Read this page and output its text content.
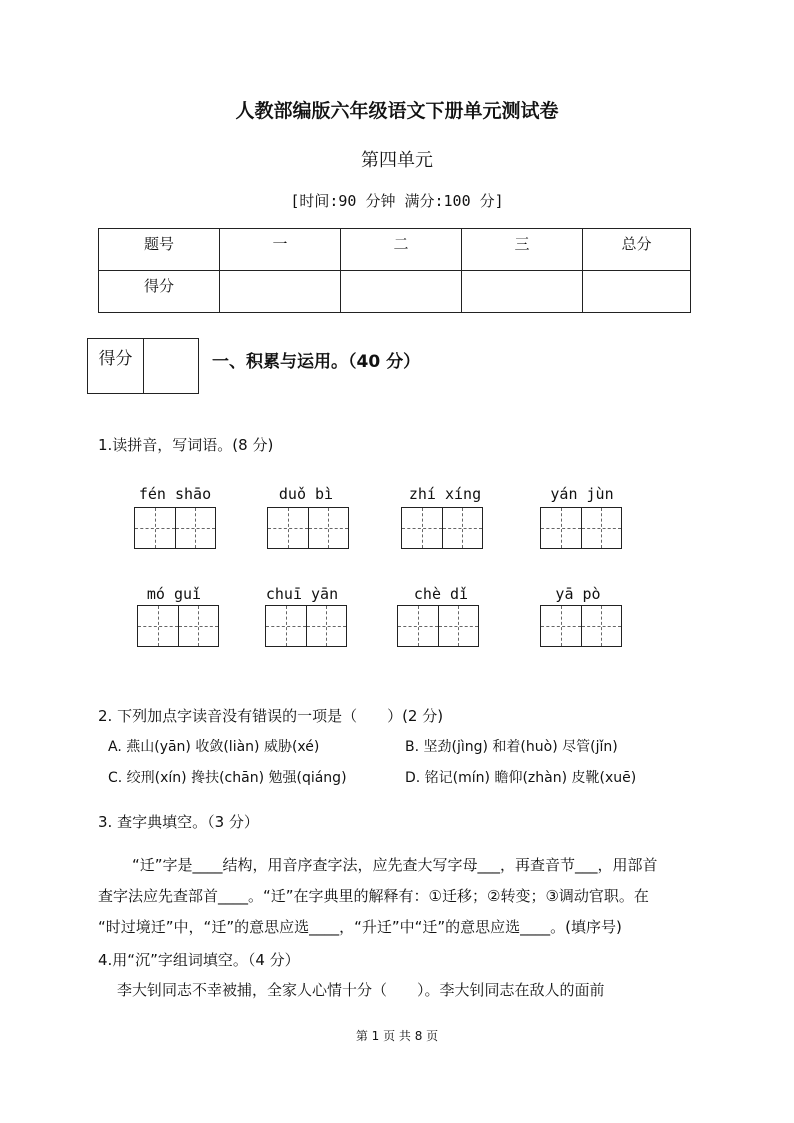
人教部编版六年级语文下册单元测试卷
第四单元
[时间:90 分钟 满分:100 分]
题号	一	二	三	总分
得分				
得分	一、积累与运用。（40 分）
1.读拼音，写词语。(8 分)
fén shāo	duǒ bì	zhí xíng	yán jùn
mó guǐ	chuī yān	chè dǐ	yā pò
2. 下列加点字读音没有错误的一项是（　　）(2 分)
A. 燕山(yān) 收敛(liàn) 威胁(xé)	B. 坚劲(jìng) 和着(huò) 尽管(jǐn)
C. 绞刑(xín) 搀扶(chān) 勉强(qiáng)	D. 铭记(mín) 瞻仰(zhàn) 皮靴(xuē)
3. 查字典填空。（3 分）
“迁”字是____结构，用音序查字法，应先查大写字母___，再查音节___，用部首
查字法应先查部首____。“迁”在字典里的解释有：①迁移；②转变；③调动官职。在
“时过境迁”中，“迁”的意思应选____，“升迁”中“迁”的意思应选____。(填序号)
4.用“沉”字组词填空。（4 分）
李大钊同志不幸被捕，全家人心情十分（　　）。李大钊同志在敌人的面前
第 1 页 共 8 页
